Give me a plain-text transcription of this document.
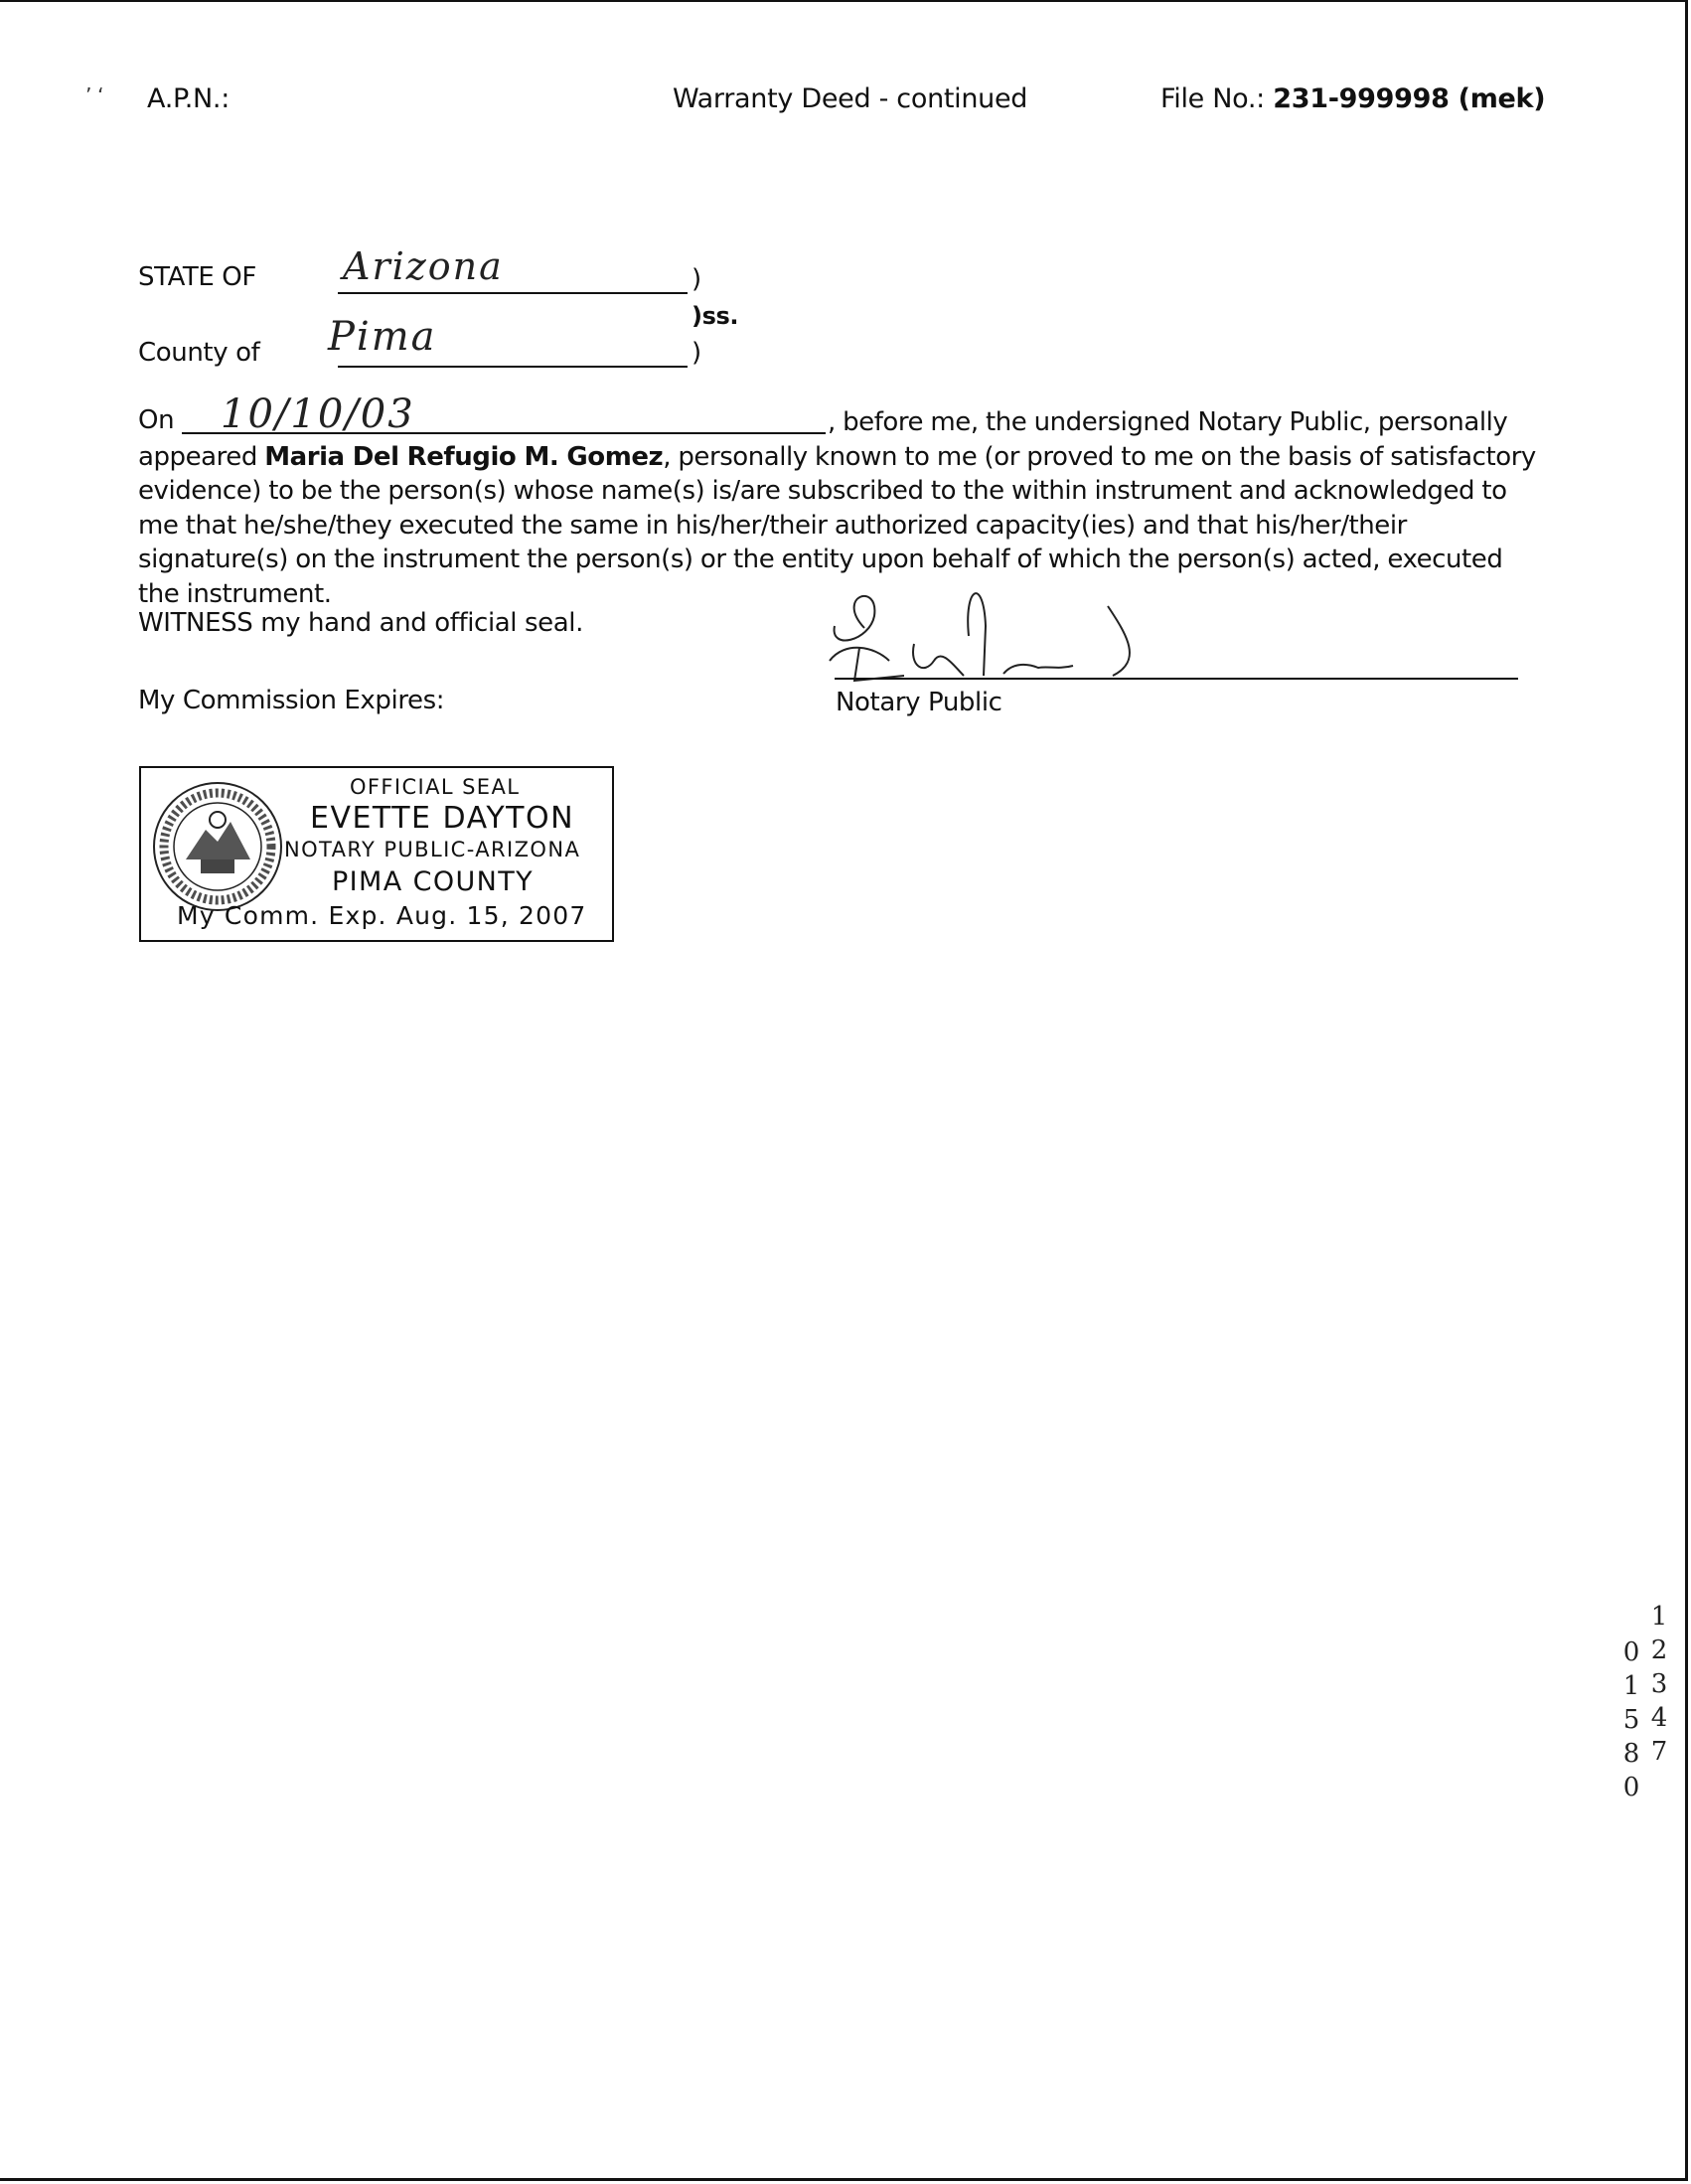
’ ‘ A.P.N.:	Warranty Deed - continued	File No.: 231-999998 (mek)
STATE OF Arizona	)
)ss.
County of Pima	)
On 10/10/03	, before me, the undersigned Notary Public, personally appeared Maria Del Refugio M. Gomez, personally known to me (or proved to me on the basis of satisfactory evidence) to be the person(s) whose name(s) is/are subscribed to the within instrument and acknowledged to me that he/she/they executed the same in his/her/their authorized capacity(ies) and that his/her/their signature(s) on the instrument the person(s) or the entity upon behalf of which the person(s) acted, executed the instrument.
WITNESS my hand and official seal.
My Commission Expires:	Notary Public
OFFICIAL SEAL
EVETTE DAYTON
NOTARY PUBLIC-ARIZONA
PIMA COUNTY
My Comm. Exp. Aug. 15, 2007
12347
01580
